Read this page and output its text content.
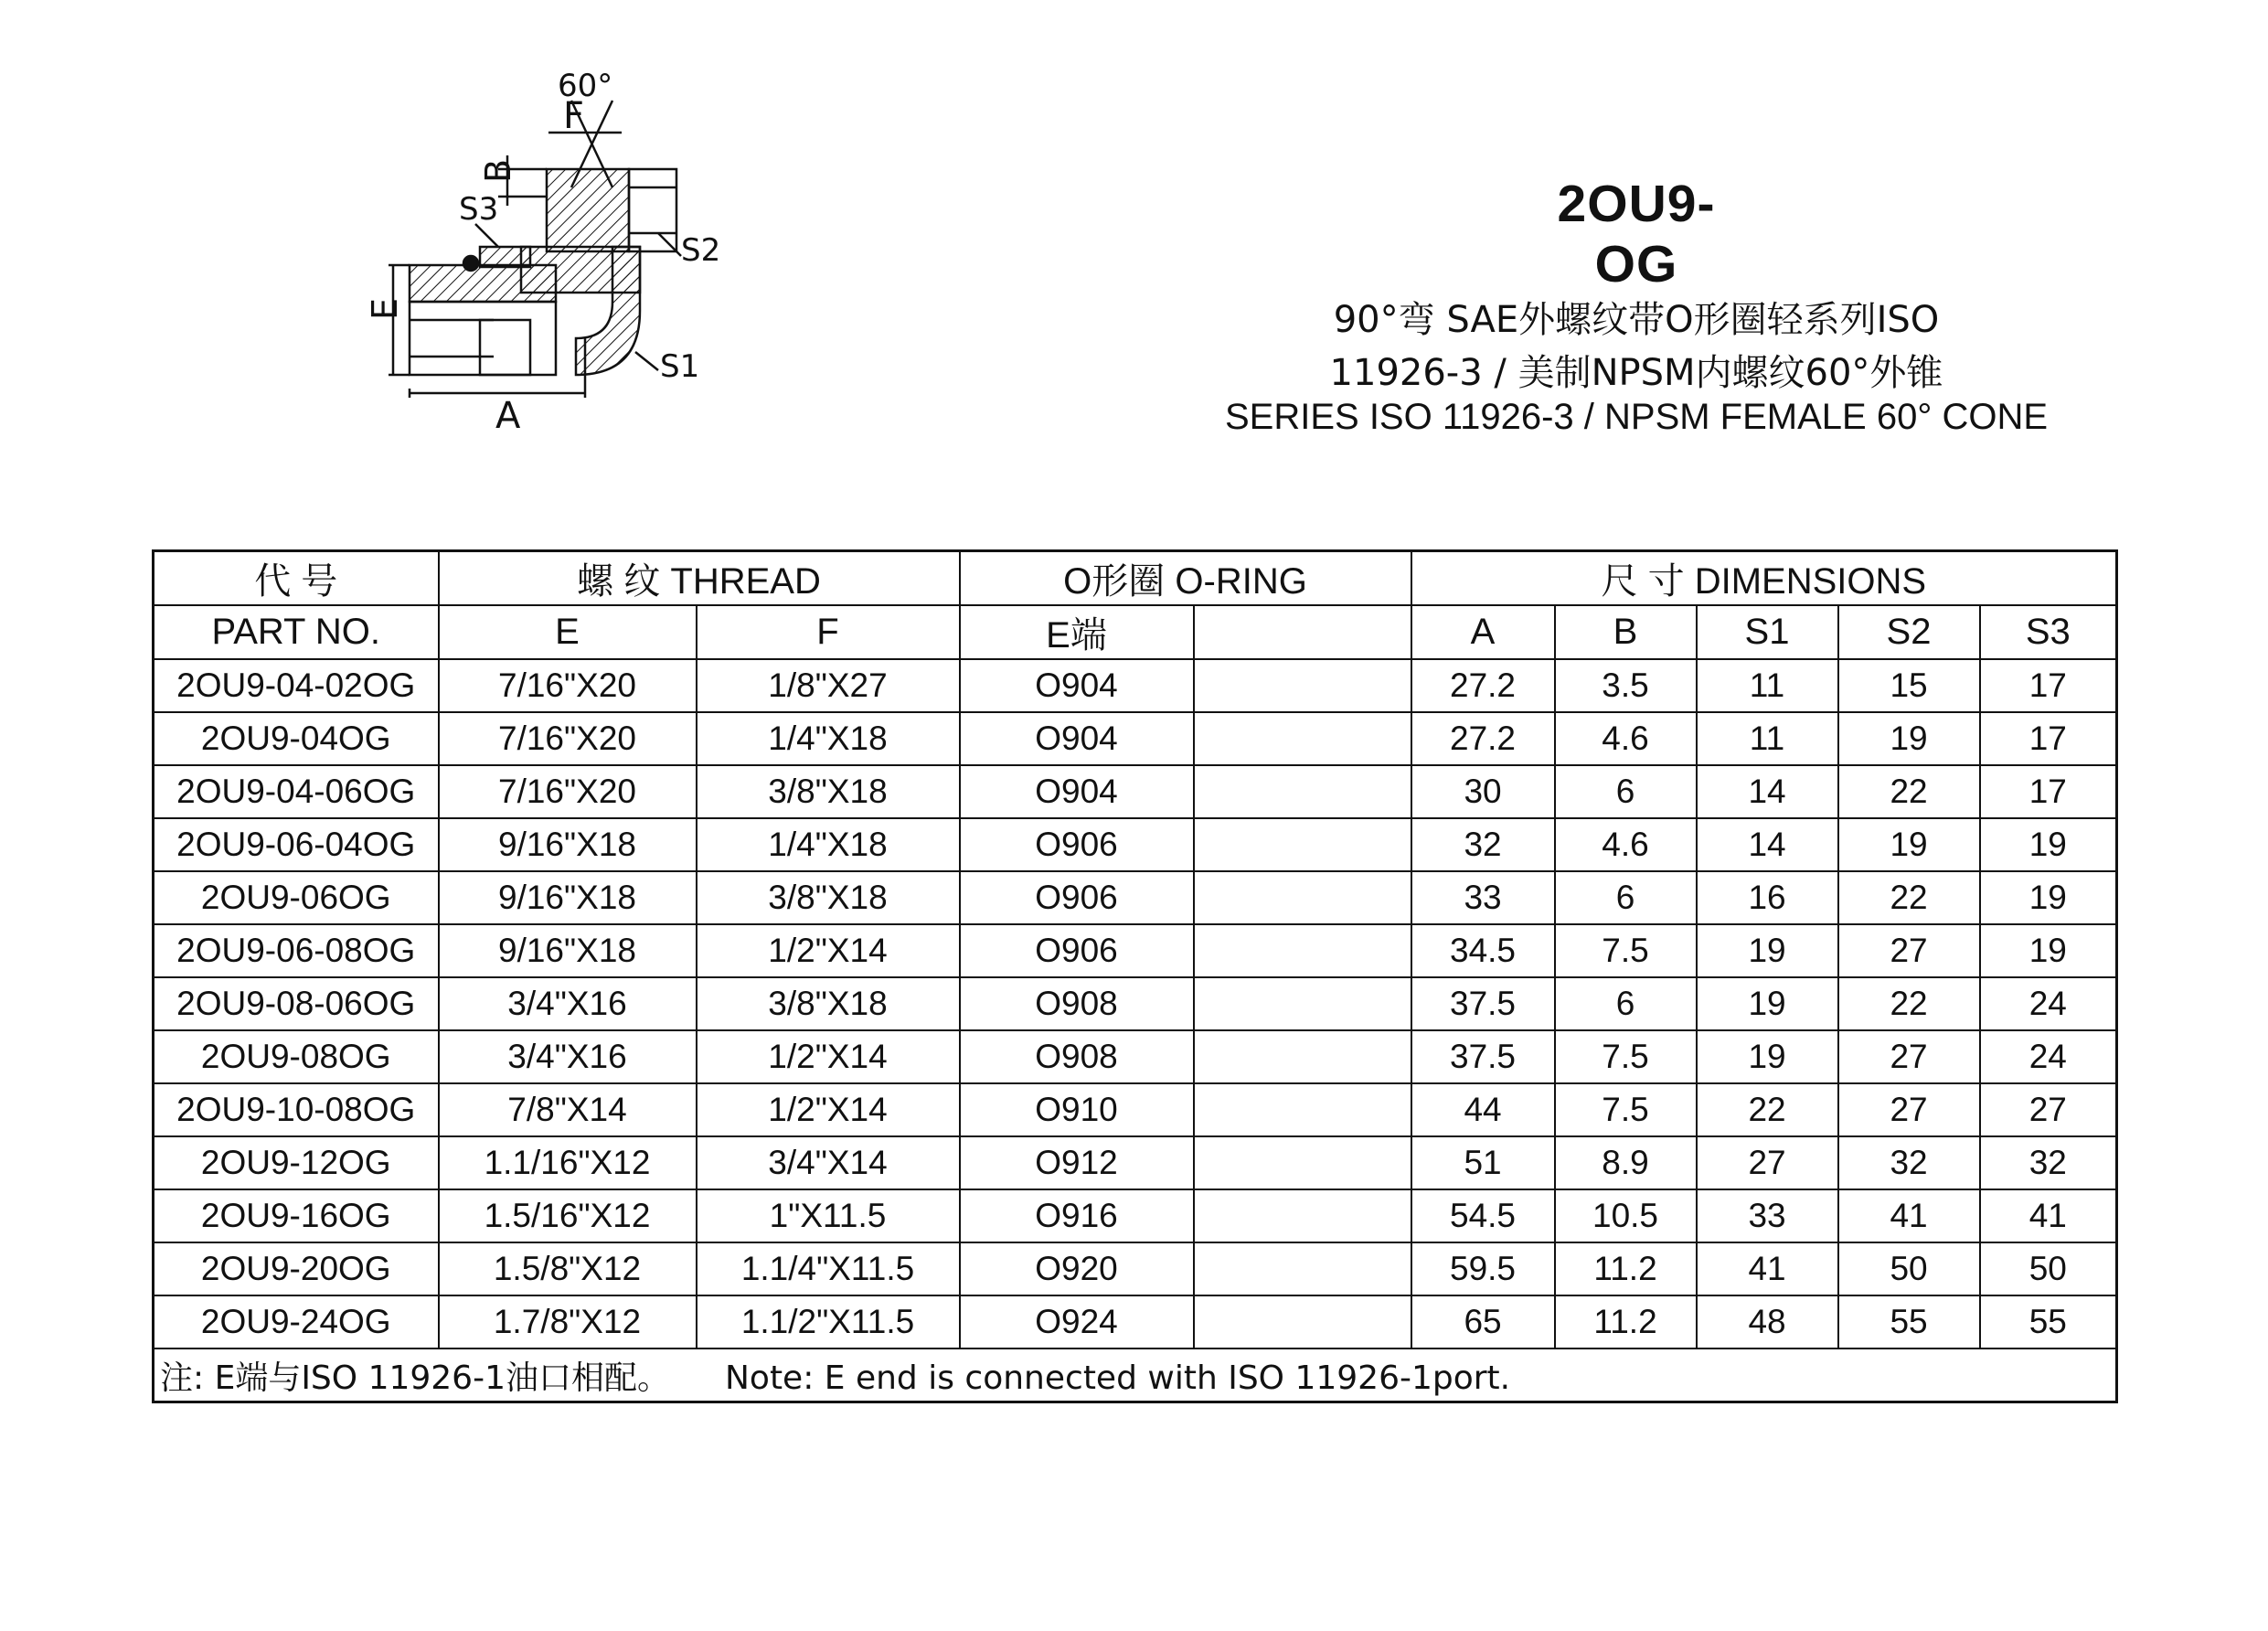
60°
F
B
S3
S2
E
S1
A
2OU9-OG
90°弯 SAE外螺纹带O形圈轻系列ISO
11926-3 / 美制NPSM内螺纹60°外锥
SERIES ISO 11926-3 / NPSM FEMALE 60° CONE
代 号	螺 纹 THREAD		O形圈 O-RING		尺 寸 DIMENSIONS				
PART NO.	E	F	E端		A	B	S1	S2	S3
2OU9-04-02OG	7/16"X20	1/8"X27	O904		27.2	3.5	11	15	17
2OU9-04OG	7/16"X20	1/4"X18	O904		27.2	4.6	11	19	17
2OU9-04-06OG	7/16"X20	3/8"X18	O904		30	6	14	22	17
2OU9-06-04OG	9/16"X18	1/4"X18	O906		32	4.6	14	19	19
2OU9-06OG	9/16"X18	3/8"X18	O906		33	6	16	22	19
2OU9-06-08OG	9/16"X18	1/2"X14	O906		34.5	7.5	19	27	19
2OU9-08-06OG	3/4"X16	3/8"X18	O908		37.5	6	19	22	24
2OU9-08OG	3/4"X16	1/2"X14	O908		37.5	7.5	19	27	24
2OU9-10-08OG	7/8"X14	1/2"X14	O910		44	7.5	22	27	27
2OU9-12OG	1.1/16"X12	3/4"X14	O912		51	8.9	27	32	32
2OU9-16OG	1.5/16"X12	1"X11.5	O916		54.5	10.5	33	41	41
2OU9-20OG	1.5/8"X12	1.1/4"X11.5	O920		59.5	11.2	41	50	50
2OU9-24OG	1.7/8"X12	1.1/2"X11.5	O924		65	11.2	48	55	55
注: E端与ISO 11926-1油口相配。 Note: E end is connected with ISO 11926-1port.									
